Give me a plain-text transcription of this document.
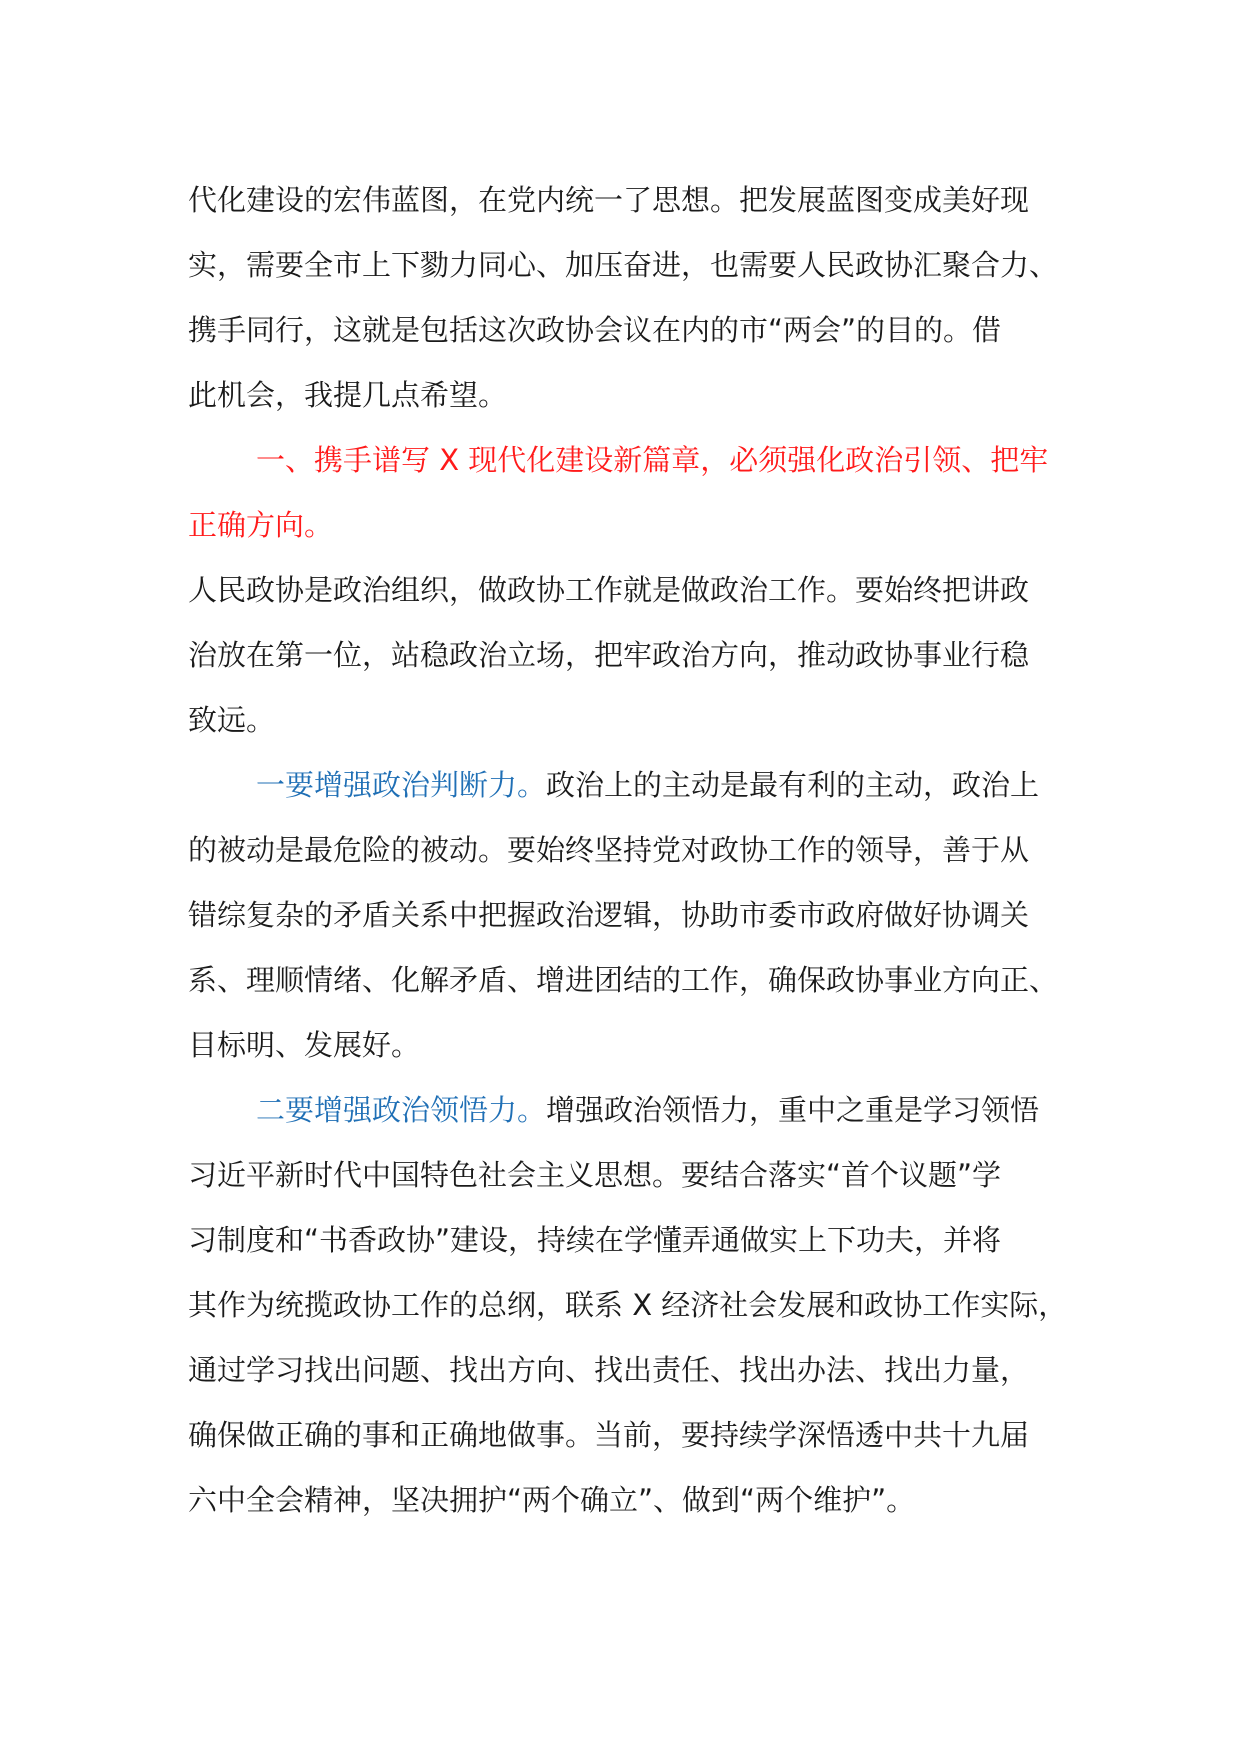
代化建设的宏伟蓝图，在党内统一了思想。把发展蓝图变成美好现
实，需要全市上下勠力同心、加压奋进，也需要人民政协汇聚合力、
携手同行，这就是包括这次政协会议在内的市“两会”的目的。借
此机会，我提几点希望。
一、携手谱写 X 现代化建设新篇章，必须强化政治引领、把牢
正确方向。
人民政协是政治组织，做政协工作就是做政治工作。要始终把讲政
治放在第一位，站稳政治立场，把牢政治方向，推动政协事业行稳
致远。
一要增强政治判断力。政治上的主动是最有利的主动，政治上
的被动是最危险的被动。要始终坚持党对政协工作的领导，善于从
错综复杂的矛盾关系中把握政治逻辑，协助市委市政府做好协调关
系、理顺情绪、化解矛盾、增进团结的工作，确保政协事业方向正、
目标明、发展好。
二要增强政治领悟力。增强政治领悟力，重中之重是学习领悟
习近平新时代中国特色社会主义思想。要结合落实“首个议题”学
习制度和“书香政协”建设，持续在学懂弄通做实上下功夫，并将
其作为统揽政协工作的总纲，联系 X 经济社会发展和政协工作实际，
通过学习找出问题、找出方向、找出责任、找出办法、找出力量，
确保做正确的事和正确地做事。当前，要持续学深悟透中共十九届
六中全会精神，坚决拥护“两个确立”、做到“两个维护”。
